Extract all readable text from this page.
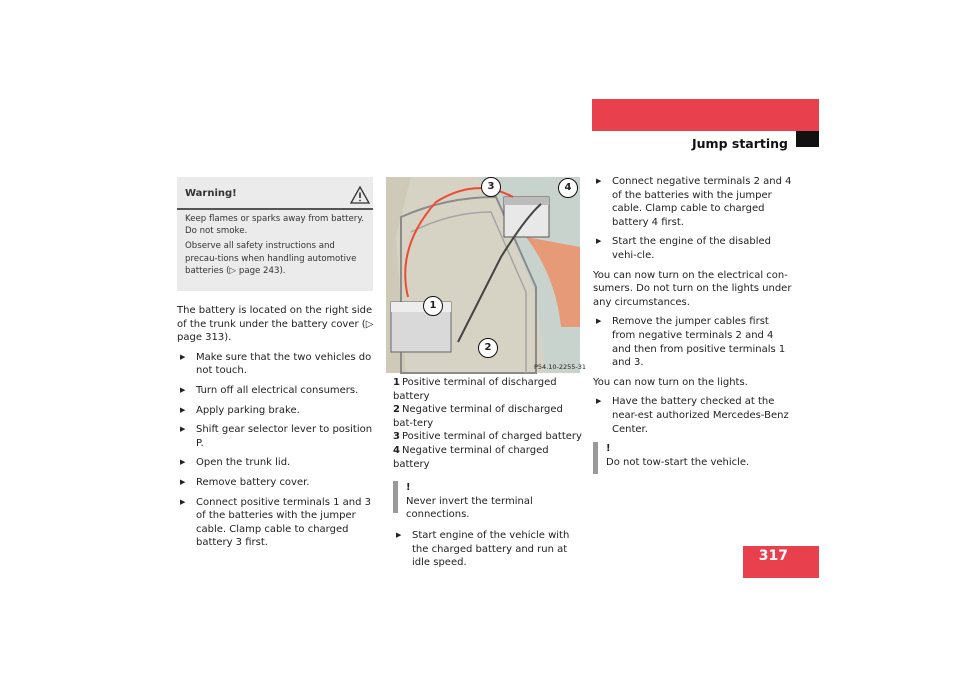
Practical hints
Jump starting
Warning!

Keep flames or sparks away from battery. Do not smoke.

Observe all safety instructions and precau-tions when handling automotive batteries (▷ page 243).

The battery is located on the right side of the trunk under the battery cover (▷ page 313).

▶ Make sure that the two vehicles do not touch.

▶ Turn off all electrical consumers.

▶ Apply parking brake.

▶ Shift gear selector lever to position P.

▶ Open the trunk lid.

▶ Remove battery cover.

▶ Connect positive terminals 1 and 3 of the batteries with the jumper cable. Clamp cable to charged battery 3 first.

P54.10-2255-31
3	4
1
2
1 Positive terminal of discharged battery
2 Negative terminal of discharged bat-tery
3 Positive terminal of charged battery
4 Negative terminal of charged battery
!
Never invert the terminal connections.

▶ Start engine of the vehicle with the charged battery and run at idle speed.

▶ Connect negative terminals 2 and 4 of the batteries with the jumper cable. Clamp cable to charged battery 4 first.

▶ Start the engine of the disabled vehi-cle.

You can now turn on the electrical con-sumers. Do not turn on the lights under any circumstances.

▶ Remove the jumper cables first from negative terminals 2 and 4 and then from positive terminals 1 and 3.

You can now turn on the lights.

▶ Have the battery checked at the near-est authorized Mercedes-Benz Center.

!
Do not tow-start the vehicle.
317
